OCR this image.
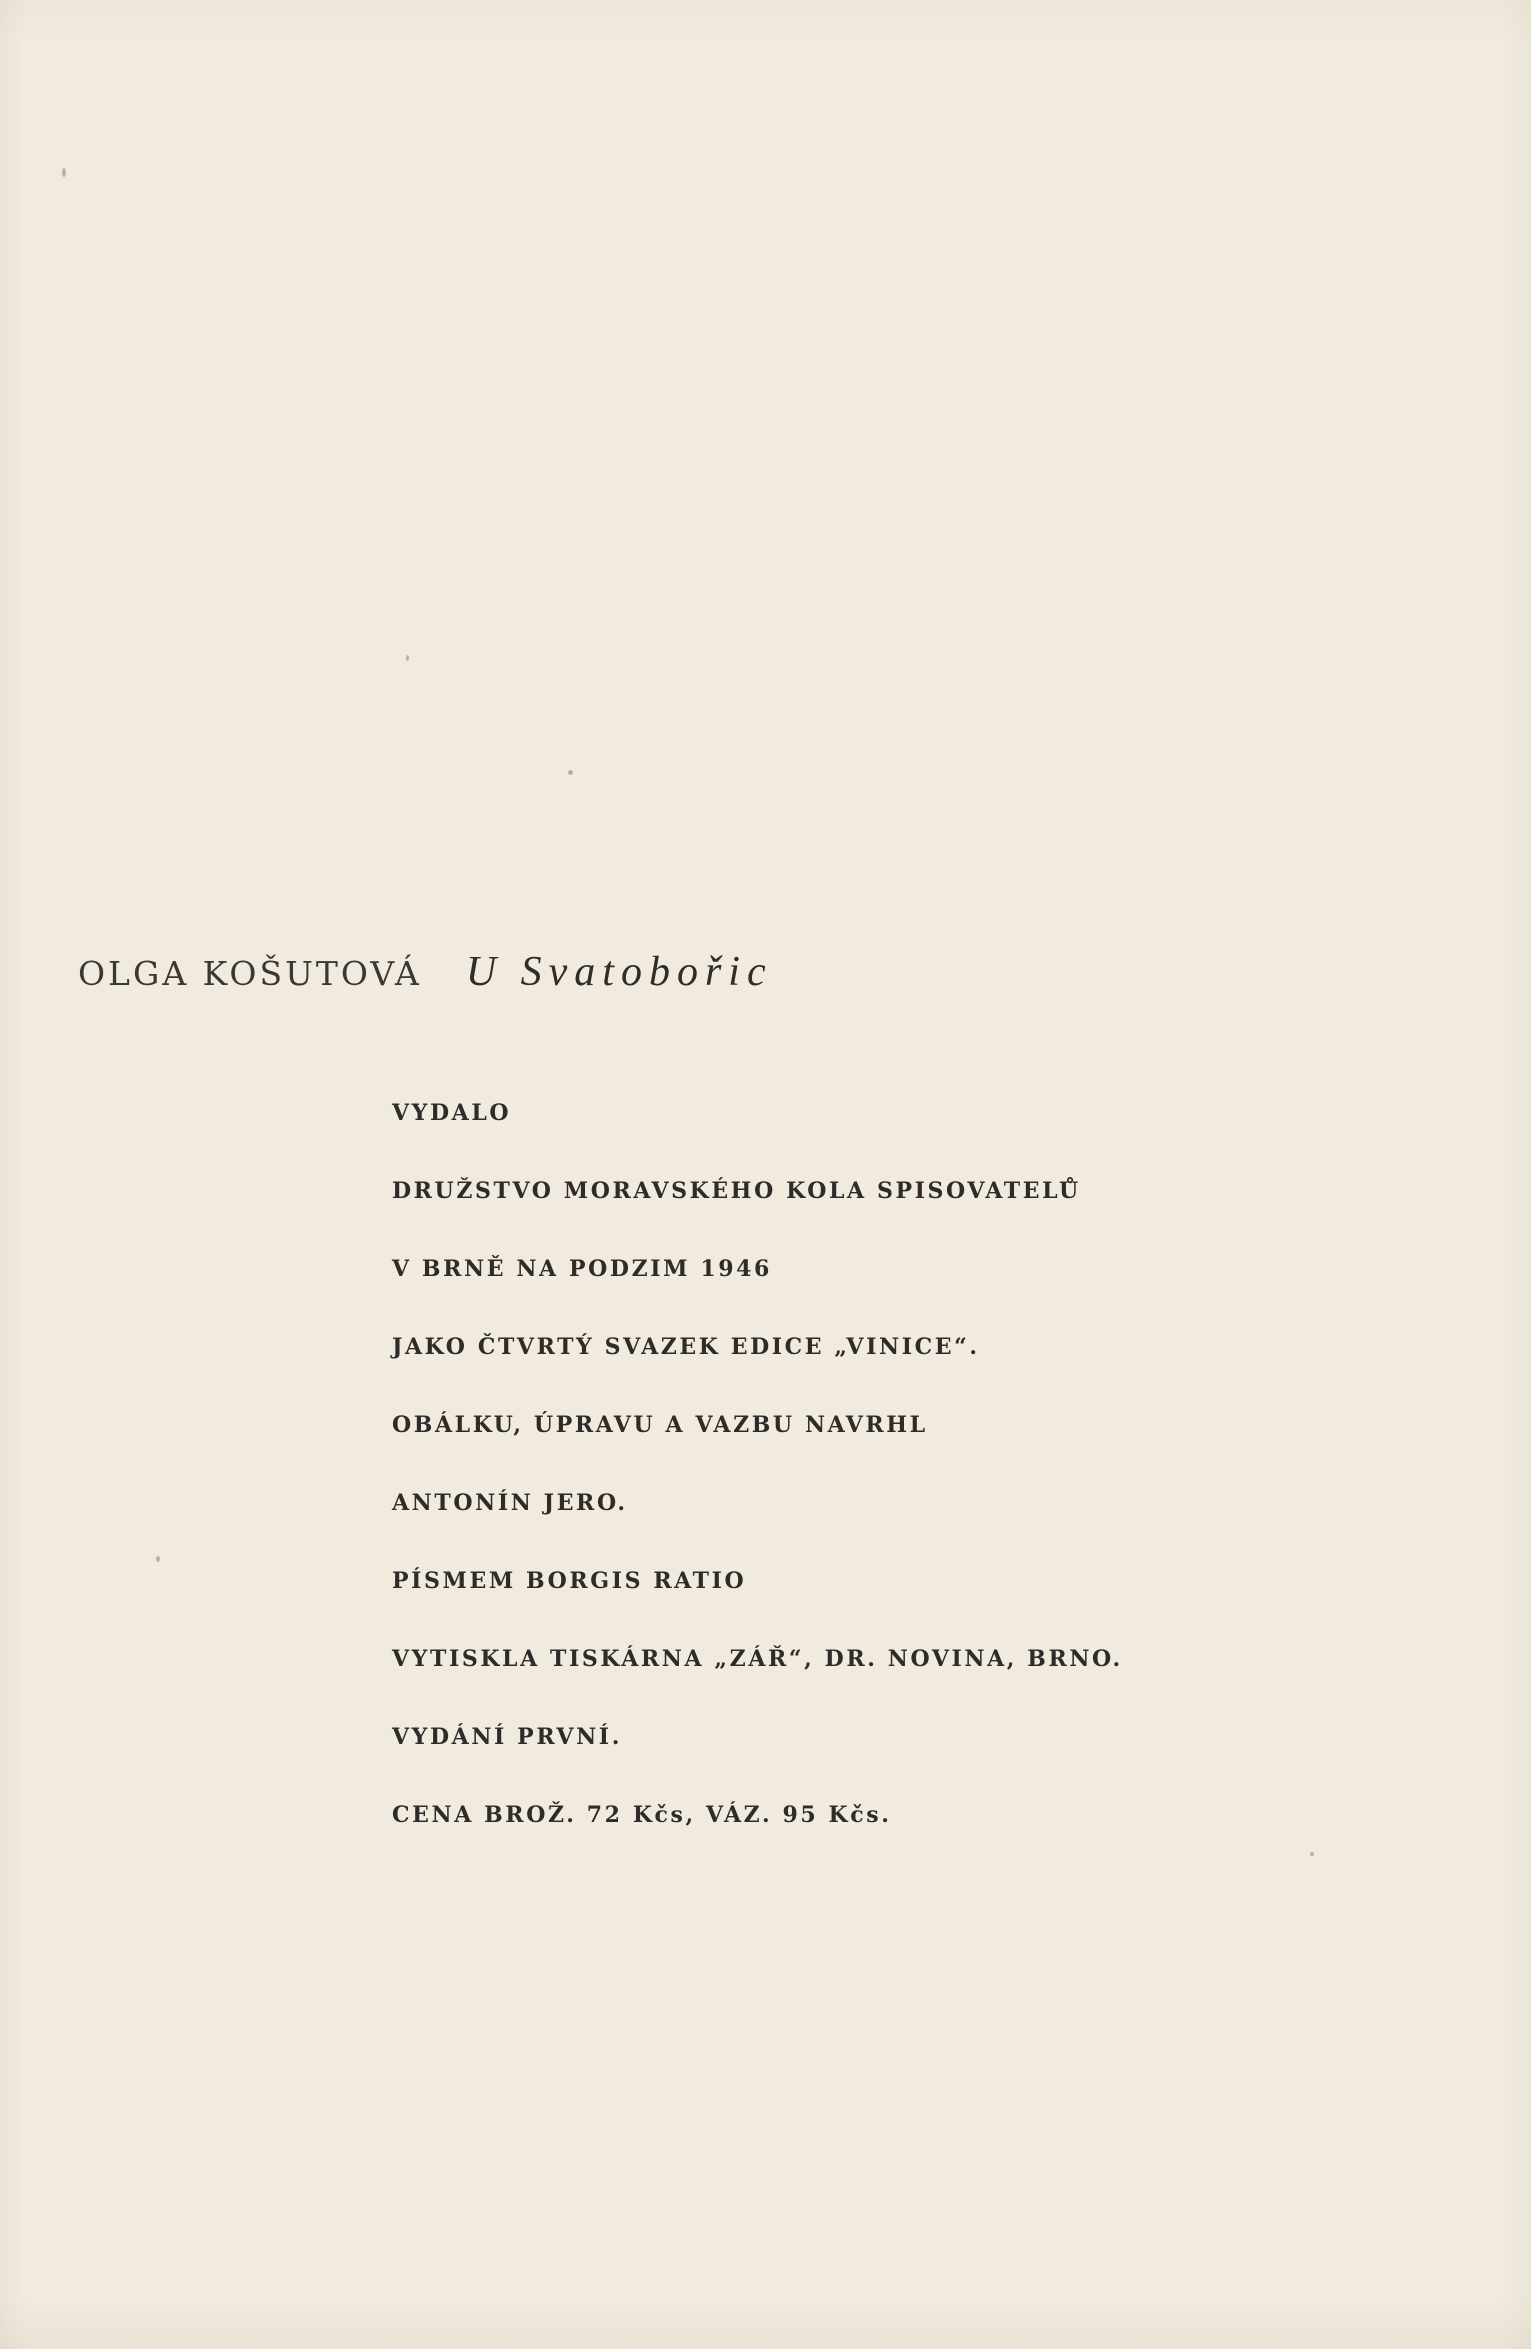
OLGA KOŠUTOVÁ U Svatobořic
VYDALO
DRUŽSTVO MORAVSKÉHO KOLA SPISOVATELŮ
V BRNĚ NA PODZIM 1946
JAKO ČTVRTÝ SVAZEK EDICE „VINICE“.
OBÁLKU, ÚPRAVU A VAZBU NAVRHL
ANTONÍN JERO.
PÍSMEM BORGIS RATIO
VYTISKLA TISKÁRNA „ZÁŘ“, DR. NOVINA, BRNO.
VYDÁNÍ PRVNÍ.
CENA BROŽ. 72 Kčs, VÁZ. 95 Kčs.
